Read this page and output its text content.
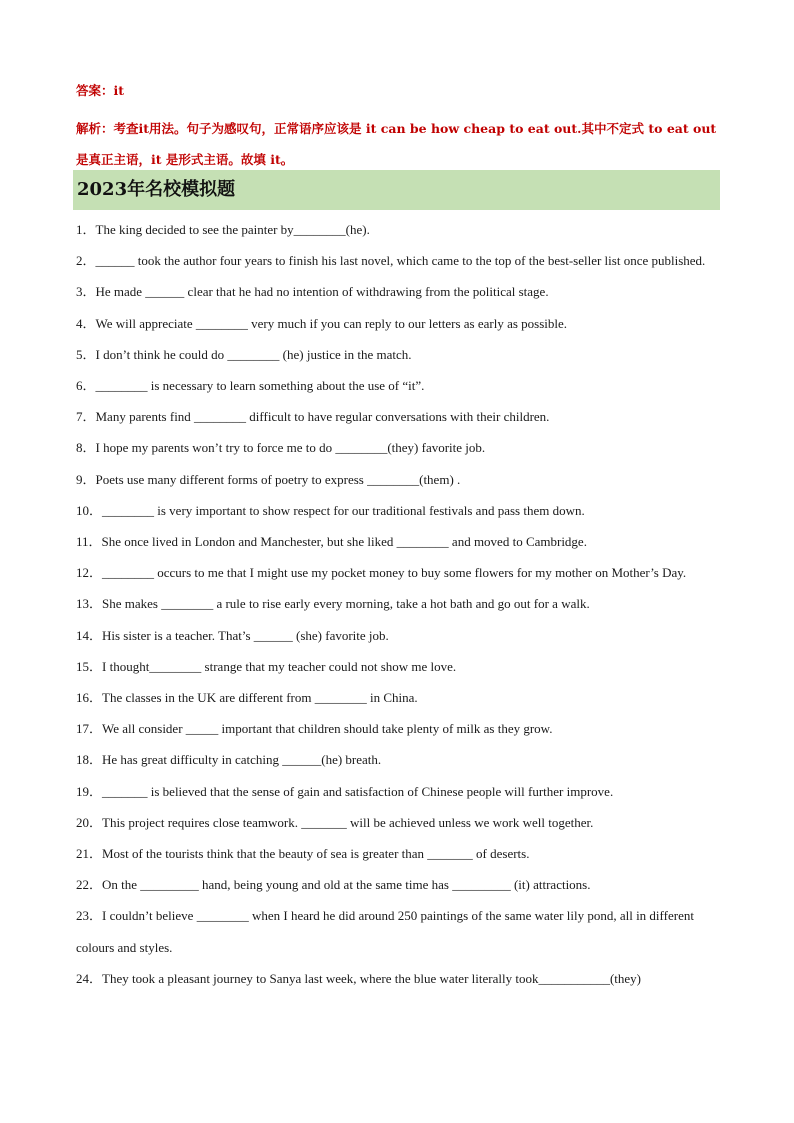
答案：it
解析：考查it用法。句子为感叹句，正常语序应该是 it can be how cheap to eat out.其中不定式 to eat out 是真正主语，it 是形式主语。故填 it。
2023年名校模拟题

1．The king decided to see the painter by________(he).

2．______ took the author four years to finish his last novel, which came to the top of the best-seller list once published.

3．He made ______ clear that he had no intention of withdrawing from the political stage.

4．We will appreciate ________ very much if you can reply to our letters as early as possible.

5．I don’t think he could do ________ (he) justice in the match.

6．________ is necessary to learn something about the use of “it”.

7．Many parents find ________ difficult to have regular conversations with their children.

8．I hope my parents won’t try to force me to do ________(they) favorite job.

9．Poets use many different forms of poetry to express ________(them) .

10．________ is very important to show respect for our traditional festivals and pass them down.

11．She once lived in London and Manchester, but she liked ________ and moved to Cambridge.

12．________ occurs to me that I might use my pocket money to buy some flowers for my mother on Mother’s Day.

13．She makes ________ a rule to rise early every morning, take a hot bath and go out for a walk.

14．His sister is a teacher. That’s ______ (she) favorite job.

15．I thought________ strange that my teacher could not show me love.

16．The classes in the UK are different from ________ in China.

17．We all consider _____ important that children should take plenty of milk as they grow.

18．He has great difficulty in catching ______(he) breath.

19．_______ is believed that the sense of gain and satisfaction of Chinese people will further improve.

20．This project requires close teamwork. _______ will be achieved unless we work well together.

21．Most of the tourists think that the beauty of sea is greater than _______ of deserts.

22．On the _________ hand, being young and old at the same time has _________ (it) attractions.

23．I couldn’t believe ________ when I heard he did around 250 paintings of the same water lily pond, all in different colours and styles.

24．They took a pleasant journey to Sanya last week, where the blue water literally took___________(they)
